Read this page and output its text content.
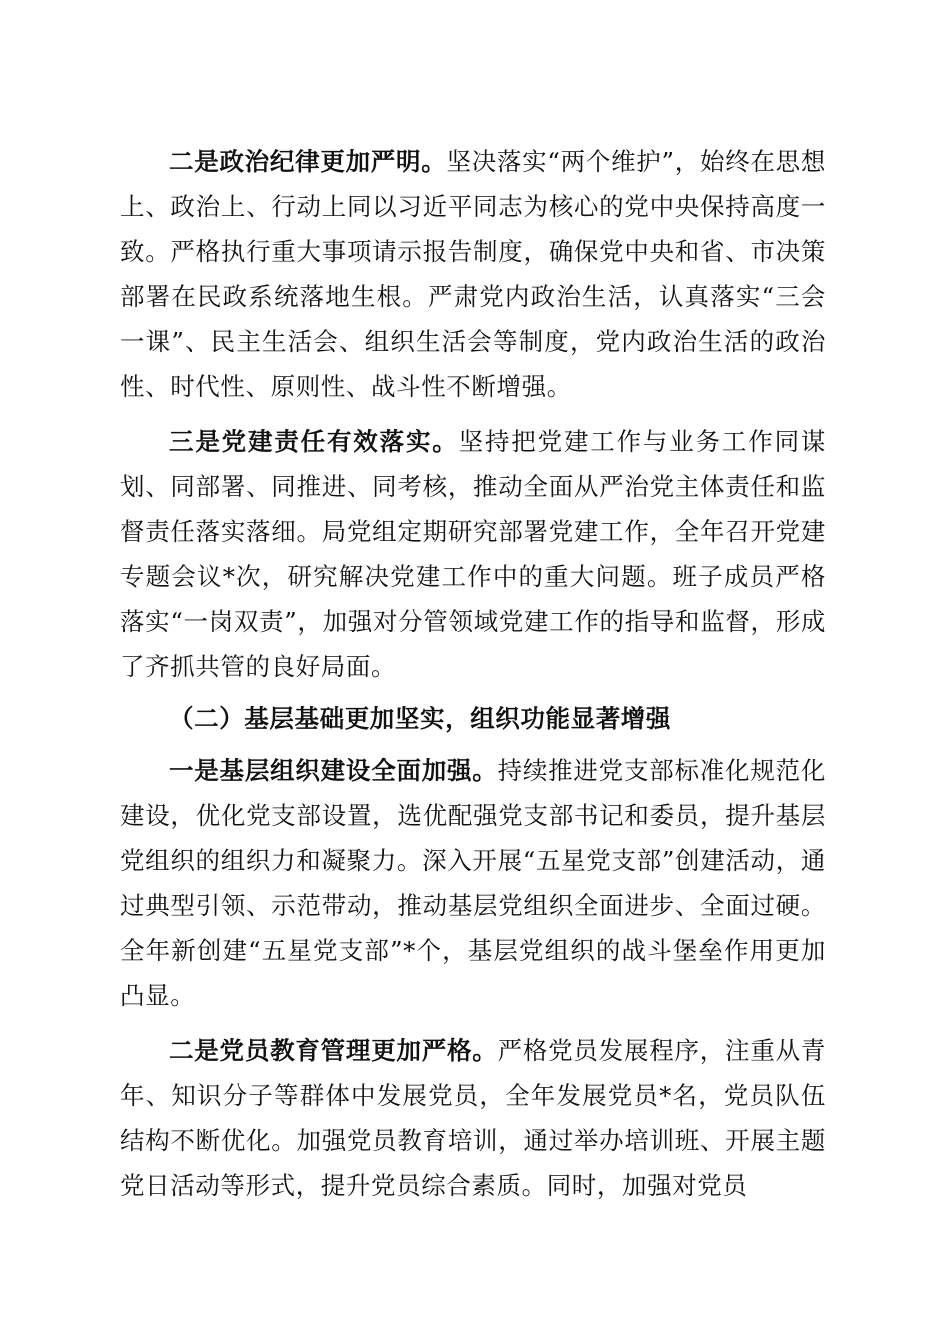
二是政治纪律更加严明。坚决落实“两个维护”，始终在思想上、政治上、行动上同以习近平同志为核心的党中央保持高度一致。严格执行重大事项请示报告制度，确保党中央和省、市决策部署在民政系统落地生根。严肃党内政治生活，认真落实“三会一课”、民主生活会、组织生活会等制度，党内政治生活的政治性、时代性、原则性、战斗性不断增强。

三是党建责任有效落实。坚持把党建工作与业务工作同谋划、同部署、同推进、同考核，推动全面从严治党主体责任和监督责任落实落细。局党组定期研究部署党建工作，全年召开党建专题会议*次，研究解决党建工作中的重大问题。班子成员严格落实“一岗双责”，加强对分管领域党建工作的指导和监督，形成了齐抓共管的良好局面。

（二）基层基础更加坚实，组织功能显著增强

一是基层组织建设全面加强。持续推进党支部标准化规范化建设，优化党支部设置，选优配强党支部书记和委员，提升基层党组织的组织力和凝聚力。深入开展“五星党支部”创建活动，通过典型引领、示范带动，推动基层党组织全面进步、全面过硬。全年新创建“五星党支部”*个，基层党组织的战斗堡垒作用更加凸显。

二是党员教育管理更加严格。严格党员发展程序，注重从青年、知识分子等群体中发展党员，全年发展党员*名，党员队伍结构不断优化。加强党员教育培训，通过举办培训班、开展主题党日活动等形式，提升党员综合素质。同时，加强对党员
